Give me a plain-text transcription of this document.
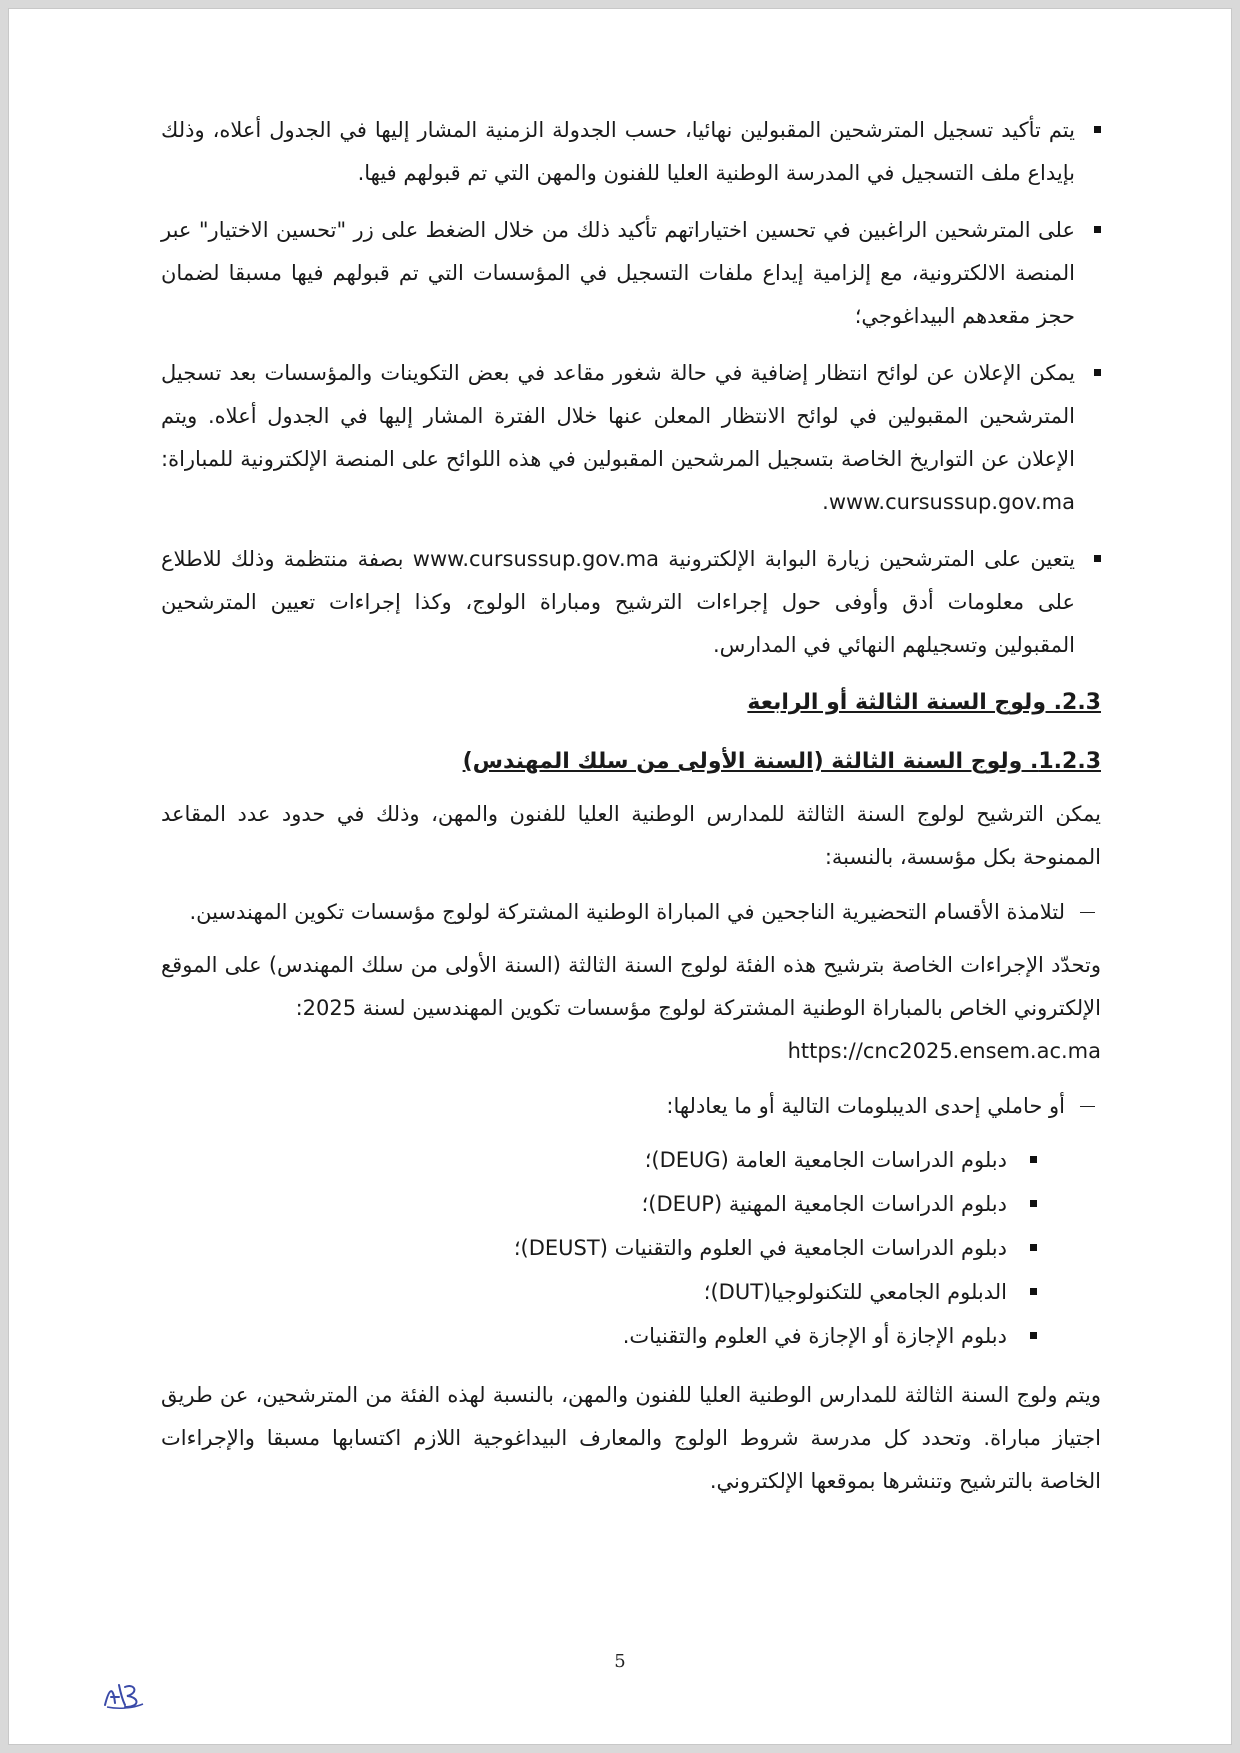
يتم تأكيد تسجيل المترشحين المقبولين نهائيا، حسب الجدولة الزمنية المشار إليها في الجدول أعلاه، وذلك بإيداع ملف التسجيل في المدرسة الوطنية العليا للفنون والمهن التي تم قبولهم فيها.
على المترشحين الراغبين في تحسين اختياراتهم تأكيد ذلك من خلال الضغط على زر "تحسين الاختيار" عبر المنصة الالكترونية، مع إلزامية إيداع ملفات التسجيل في المؤسسات التي تم قبولهم فيها مسبقا لضمان حجز مقعدهم البيداغوجي؛
يمكن الإعلان عن لوائح انتظار إضافية في حالة شغور مقاعد في بعض التكوينات والمؤسسات بعد تسجيل المترشحين المقبولين في لوائح الانتظار المعلن عنها خلال الفترة المشار إليها في الجدول أعلاه. ويتم الإعلان عن التواريخ الخاصة بتسجيل المرشحين المقبولين في هذه اللوائح على المنصة الإلكترونية للمباراة: www.cursussup.gov.ma.
يتعين على المترشحين زيارة البوابة الإلكترونية www.cursussup.gov.ma بصفة منتظمة وذلك للاطلاع على معلومات أدق وأوفى حول إجراءات الترشيح ومباراة الولوج، وكذا إجراءات تعيين المترشحين المقبولين وتسجيلهم النهائي في المدارس.
2.3. ولوج السنة الثالثة أو الرابعة
1.2.3. ولوج السنة الثالثة (السنة الأولى من سلك المهندس)
يمكن الترشيح لولوج السنة الثالثة للمدارس الوطنية العليا للفنون والمهن، وذلك في حدود عدد المقاعد الممنوحة بكل مؤسسة، بالنسبة:
لتلامذة الأقسام التحضيرية الناجحين في المباراة الوطنية المشتركة لولوج مؤسسات تكوين المهندسين.
وتحدّد الإجراءات الخاصة بترشيح هذه الفئة لولوج السنة الثالثة (السنة الأولى من سلك المهندس) على الموقع الإلكتروني الخاص بالمباراة الوطنية المشتركة لولوج مؤسسات تكوين المهندسين لسنة 2025:
https://cnc2025.ensem.ac.ma
أو حاملي إحدى الديبلومات التالية أو ما يعادلها:
دبلوم الدراسات الجامعية العامة (DEUG)؛
دبلوم الدراسات الجامعية المهنية (DEUP)؛
دبلوم الدراسات الجامعية في العلوم والتقنيات (DEUST)؛
الدبلوم الجامعي للتكنولوجيا(DUT)؛
دبلوم الإجازة أو الإجازة في العلوم والتقنيات.
ويتم ولوج السنة الثالثة للمدارس الوطنية العليا للفنون والمهن، بالنسبة لهذه الفئة من المترشحين، عن طريق اجتياز مباراة. وتحدد كل مدرسة شروط الولوج والمعارف البيداغوجية اللازم اكتسابها مسبقا والإجراءات الخاصة بالترشيح وتنشرها بموقعها الإلكتروني.
5
